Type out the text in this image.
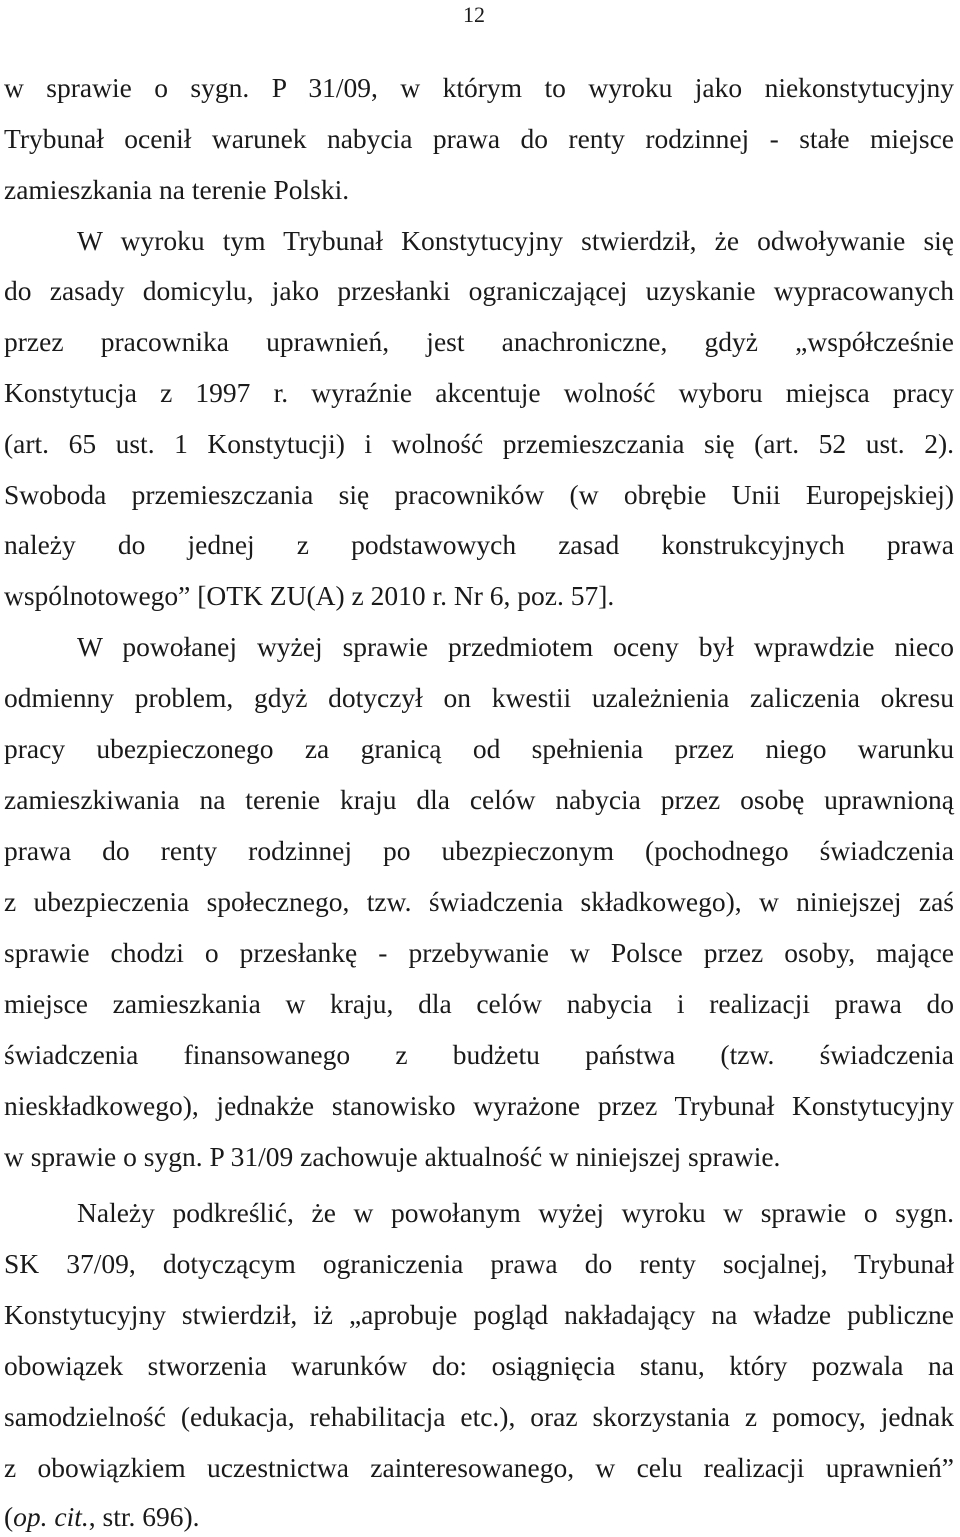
12
w sprawie o sygn. P 31/09, w którym to wyroku jako niekonstytucyjny
Trybunał ocenił warunek nabycia prawa do renty rodzinnej - stałe miejsce
zamieszkania na terenie Polski.
W wyroku tym Trybunał Konstytucyjny stwierdził, że odwoływanie się
do zasady domicylu, jako przesłanki ograniczającej uzyskanie wypracowanych
przez pracownika uprawnień, jest anachroniczne, gdyż „współcześnie
Konstytucja z 1997 r. wyraźnie akcentuje wolność wyboru miejsca pracy
(art. 65 ust. 1 Konstytucji) i wolność przemieszczania się (art. 52 ust. 2).
Swoboda przemieszczania się pracowników (w obrębie Unii Europejskiej)
należy do jednej z podstawowych zasad konstrukcyjnych prawa
wspólnotowego” [OTK ZU(A) z 2010 r. Nr 6, poz. 57].
W powołanej wyżej sprawie przedmiotem oceny był wprawdzie nieco
odmienny problem, gdyż dotyczył on kwestii uzależnienia zaliczenia okresu
pracy ubezpieczonego za granicą od spełnienia przez niego warunku
zamieszkiwania na terenie kraju dla celów nabycia przez osobę uprawnioną
prawa do renty rodzinnej po ubezpieczonym (pochodnego świadczenia
z ubezpieczenia społecznego, tzw. świadczenia składkowego), w niniejszej zaś
sprawie chodzi o przesłankę - przebywanie w Polsce przez osoby, mające
miejsce zamieszkania w kraju, dla celów nabycia i realizacji prawa do
świadczenia finansowanego z budżetu państwa (tzw. świadczenia
nieskładkowego), jednakże stanowisko wyrażone przez Trybunał Konstytucyjny
w sprawie o sygn. P 31/09 zachowuje aktualność w niniejszej sprawie.
Należy podkreślić, że w powołanym wyżej wyroku w sprawie o sygn.
SK 37/09, dotyczącym ograniczenia prawa do renty socjalnej, Trybunał
Konstytucyjny stwierdził, iż „aprobuje pogląd nakładający na władze publiczne
obowiązek stworzenia warunków do: osiągnięcia stanu, który pozwala na
samodzielność (edukacja, rehabilitacja etc.), oraz skorzystania z pomocy, jednak
z obowiązkiem uczestnictwa zainteresowanego, w celu realizacji uprawnień”
(op. cit., str. 696).
